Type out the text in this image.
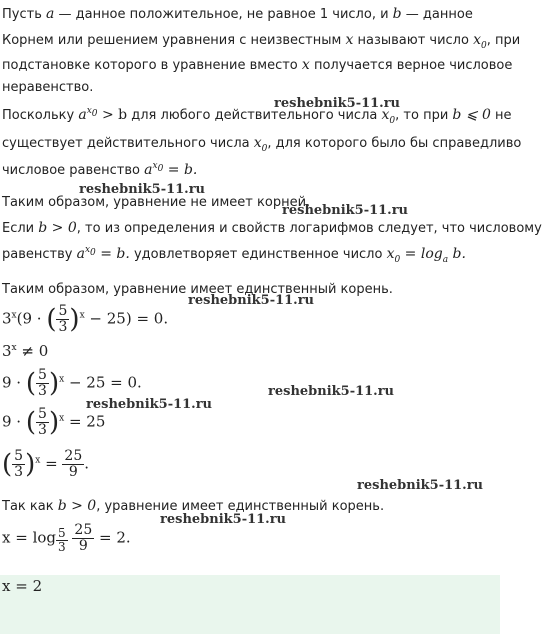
Пусть a — данное положительное, не равное 1 число, и b — данное
Корнем или решением уравнения с неизвестным x называют число $x_0$, при
подстановке которого в уравнение вместо x получается верное числовое
неравенство.
Поскольку $a^{x_0} > b$ для любого действительного числа $x_0$, то при b ⩽ 0 не
существует действительного числа $x_0$, для которого было бы справедливо
числовое равенство $a^{x_0} = b$.
Таким образом, уравнение не имеет корней.
Если b > 0, то из определения и свойств логарифмов следует, что числовому
равенству $a^{x_0} = b$. удовлетворяет единственное число $x_0 = \log_a b$.
Таким образом, уравнение имеет единственный корень.
$3^x(9$ · ( $\frac{5}{3} )^x - 25) = 0$.
$3^x \ne 0$
9 · ( $\frac{5}{3} )^x - 25 = 0$.
9 · ( $\frac{5}{3} )^x = 25$
( $\frac{5}{3} )^x = \frac{25}{9}$ .
Так как b > 0, уравнение имеет единственный корень.
x = log $_{\frac{5}{3}}$
$\frac{25}{9} = 2$.
x = 2
reshebnik5-11.ru
reshebnik5-11.ru
reshebnik5-11.ru
reshebnik5-11.ru
reshebnik5-11.ru
reshebnik5-11.ru
reshebnik5-11.ru
reshebnik5-11.ru
